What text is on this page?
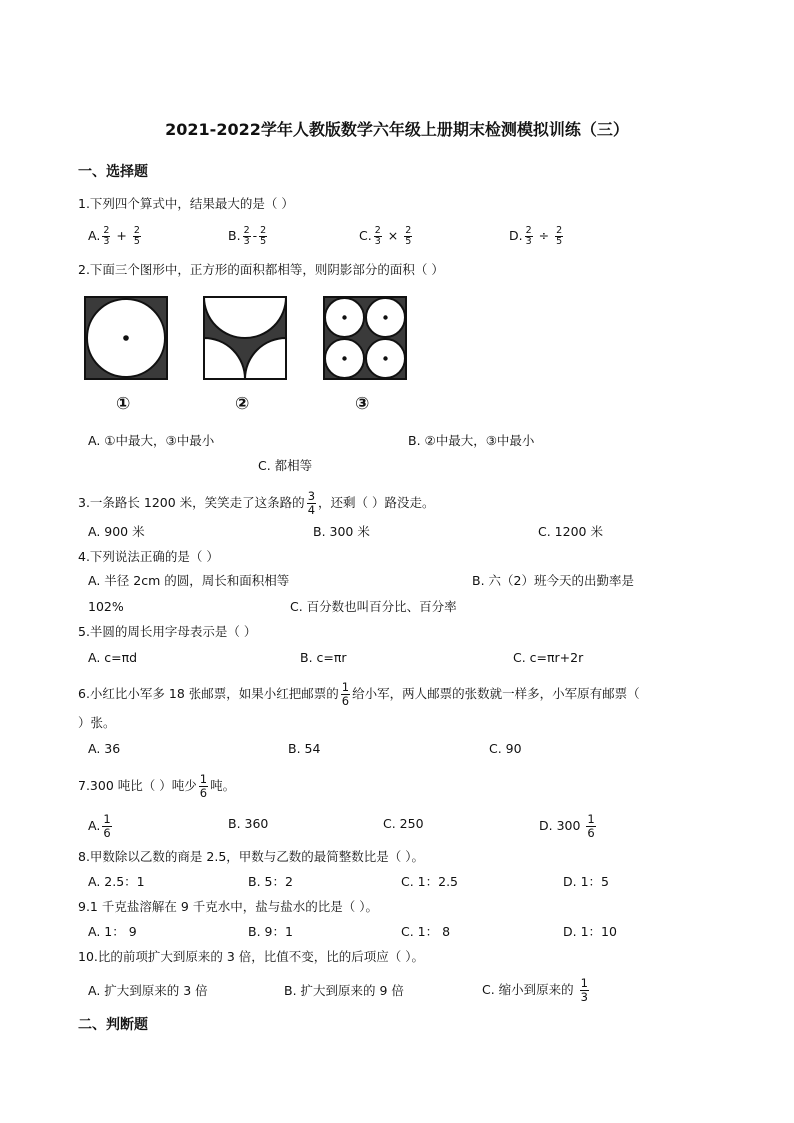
2021-2022学年人教版数学六年级上册期末检测模拟训练（三）
一、选择题
1.下列四个算式中，结果最大的是（ ）
A. $\frac{2}{3} + \frac{2}{5}$	B. $\frac{2}{3} - \frac{2}{5}$	C. $\frac{2}{3} \times \frac{2}{5}$	D. $\frac{2}{3} \div \frac{2}{5}$
2.下面三个图形中，正方形的面积都相等，则阴影部分的面积（ ）
①	②	③
A. ①中最大，③中最小	B. ②中最大，③中最小
C. 都相等
3.一条路长 1200 米，笑笑走了这条路的 $\frac{3}{4}$ ，还剩（ ）路没走。
A. 900 米	B. 300 米	C. 1200 米
4.下列说法正确的是（ ）
A. 半径 2cm 的圆，周长和面积相等	B. 六（2）班今天的出勤率是
102%	C. 百分数也叫百分比、百分率
5.半圆的周长用字母表示是（ ）
A. c=πd	B. c=πr	C. c=πr+2r
6.小红比小军多 18 张邮票，如果小红把邮票的 $\frac{1}{6}$ 给小军，两人邮票的张数就一样多，小军原有邮票（
）张。
A. 36	B. 54	C. 90
7.300 吨比（ ）吨少 $\frac{1}{6}$ 吨。
A. $\frac{1}{6}$	B. 360	C. 250	D. $300 \frac{1}{6}$
8.甲数除以乙数的商是 2.5，甲数与乙数的最简整数比是（ ）。
A. 2.5：1	B. 5：2	C. 1：2.5	D. 1：5
9.1 千克盐溶解在 9 千克水中，盐与盐水的比是（ ）。
A. 1： 9	B. 9：1	C. 1： 8	D. 1：10
10.比的前项扩大到原来的 3 倍，比值不变，比的后项应（ ）。
A. 扩大到原来的 3 倍	B. 扩大到原来的 9 倍	C. 缩小到原来的 $\frac{1}{3}$
二、判断题
